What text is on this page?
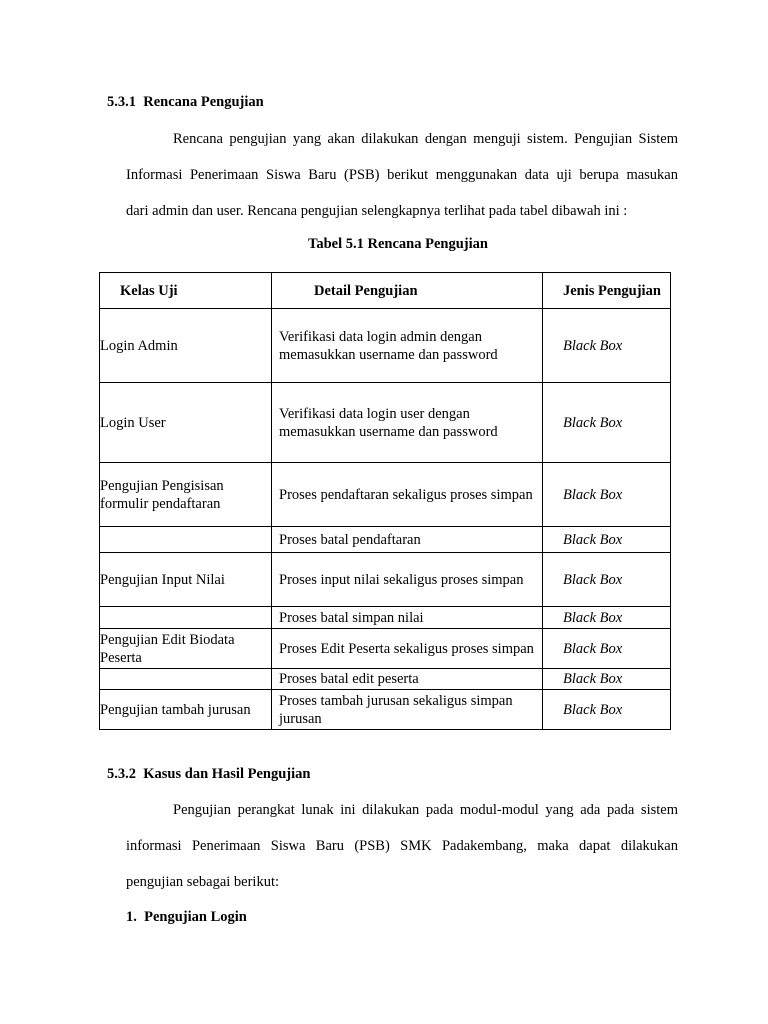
5.3.1 Rencana Pengujian
Rencana pengujian yang akan dilakukan dengan menguji sistem. Pengujian Sistem
Informasi Penerimaan Siswa Baru (PSB) berikut menggunakan data uji berupa masukan
dari admin dan user. Rencana pengujian selengkapnya terlihat pada tabel dibawah ini :
Tabel 5.1 Rencana Pengujian
Kelas Uji	Detail Pengujian	Jenis Pengujian
Login Admin	Verifikasi data login admin dengan memasukkan username dan password	Black Box
Login User	Verifikasi data login user dengan memasukkan username dan password	Black Box
Pengujian Pengisisan formulir pendaftaran	Proses pendaftaran sekaligus proses simpan	Black Box
	Proses batal pendaftaran	Black Box
Pengujian Input Nilai	Proses input nilai sekaligus proses simpan	Black Box
	Proses batal simpan nilai	Black Box
Pengujian Edit Biodata Peserta	Proses Edit Peserta sekaligus proses simpan	Black Box
	Proses batal edit peserta	Black Box
Pengujian tambah jurusan	Proses tambah jurusan sekaligus simpan jurusan	Black Box
5.3.2 Kasus dan Hasil Pengujian
Pengujian perangkat lunak ini dilakukan pada modul-modul yang ada pada sistem
informasi Penerimaan Siswa Baru (PSB) SMK Padakembang, maka dapat dilakukan
pengujian sebagai berikut:
1. Pengujian Login
